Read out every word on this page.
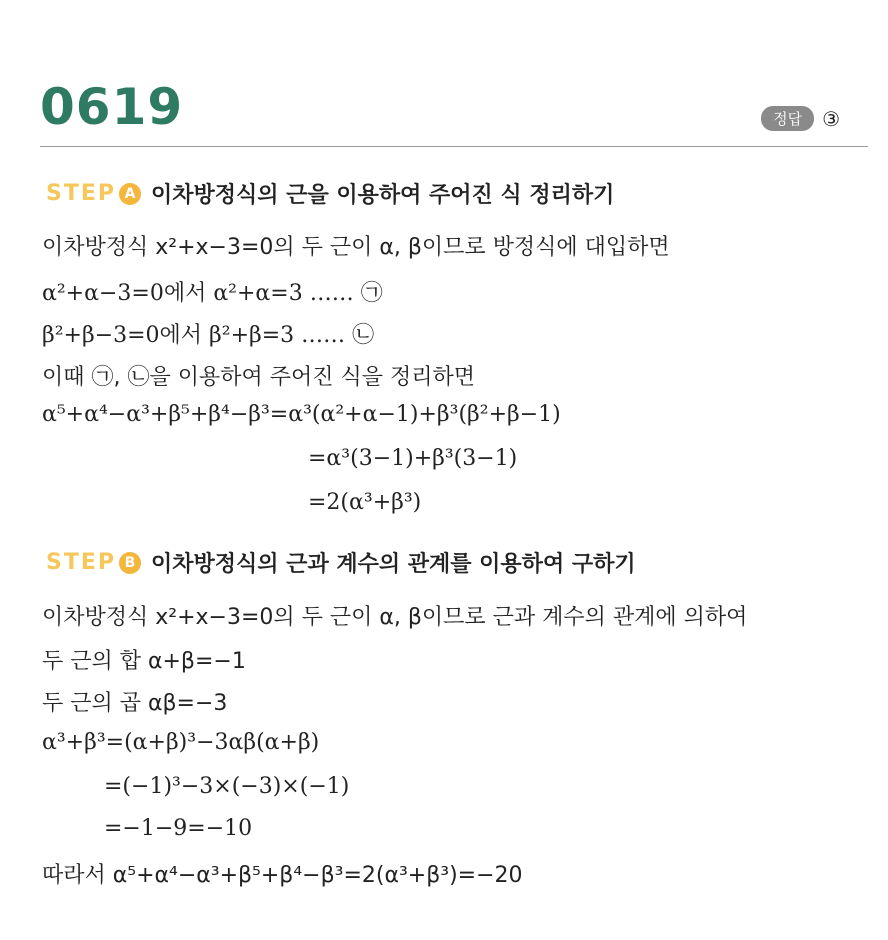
0619	정답	③
STEP A 이차방정식의 근을 이용하여 주어진 식 정리하기
이차방정식 x²+x−3=0의 두 근이 α, β이므로 방정식에 대입하면
α²+α−3=0에서 α²+α=3 …… ㉠
β²+β−3=0에서 β²+β=3 …… ㉡
이때 ㉠, ㉡을 이용하여 주어진 식을 정리하면
α⁵+α⁴−α³+β⁵+β⁴−β³=α³(α²+α−1)+β³(β²+β−1)
=α³(3−1)+β³(3−1)
=2(α³+β³)
STEP B 이차방정식의 근과 계수의 관계를 이용하여 구하기
이차방정식 x²+x−3=0의 두 근이 α, β이므로 근과 계수의 관계에 의하여
두 근의 합 α+β=−1
두 근의 곱 αβ=−3
α³+β³=(α+β)³−3αβ(α+β)
=(−1)³−3×(−3)×(−1)
=−1−9=−10
따라서 α⁵+α⁴−α³+β⁵+β⁴−β³=2(α³+β³)=−20
